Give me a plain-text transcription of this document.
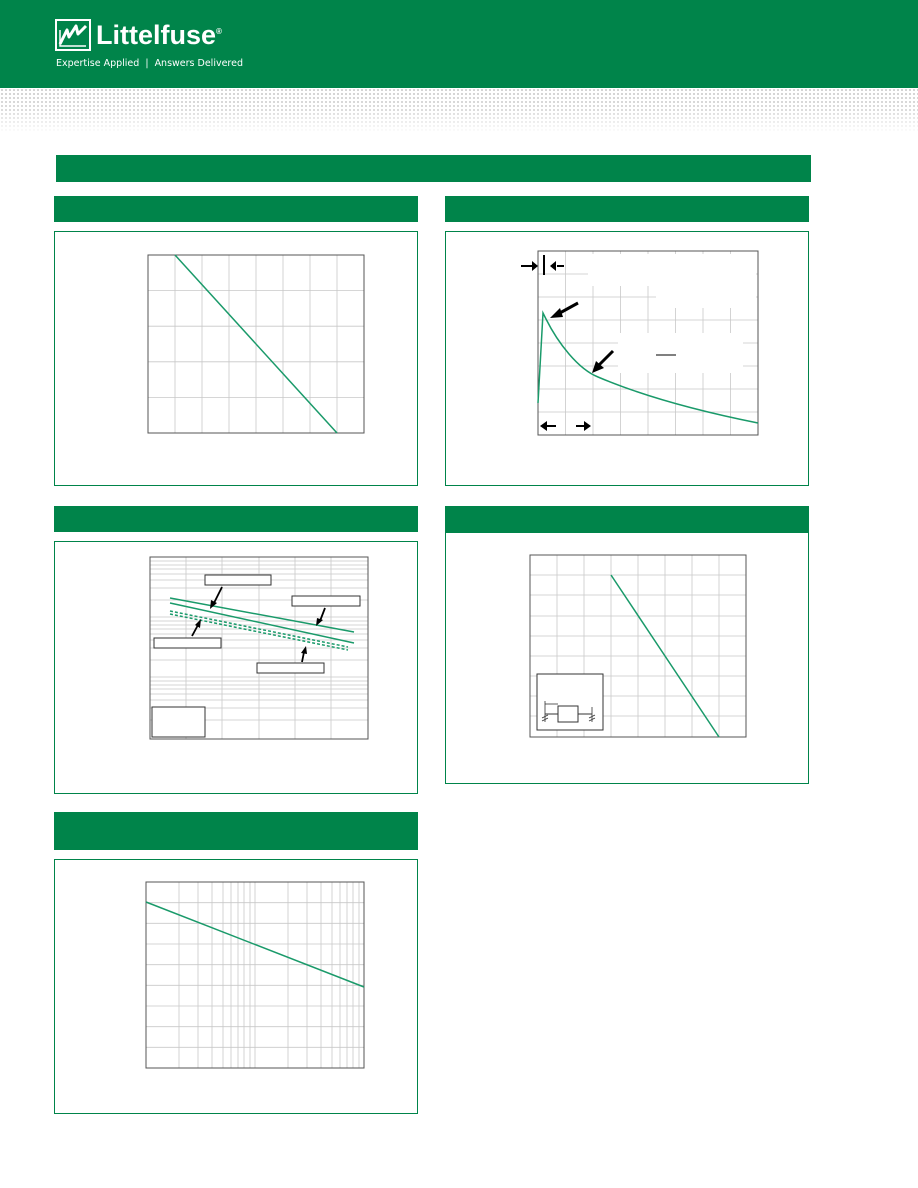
Littelfuse®
Expertise Applied | Answers Delivered
